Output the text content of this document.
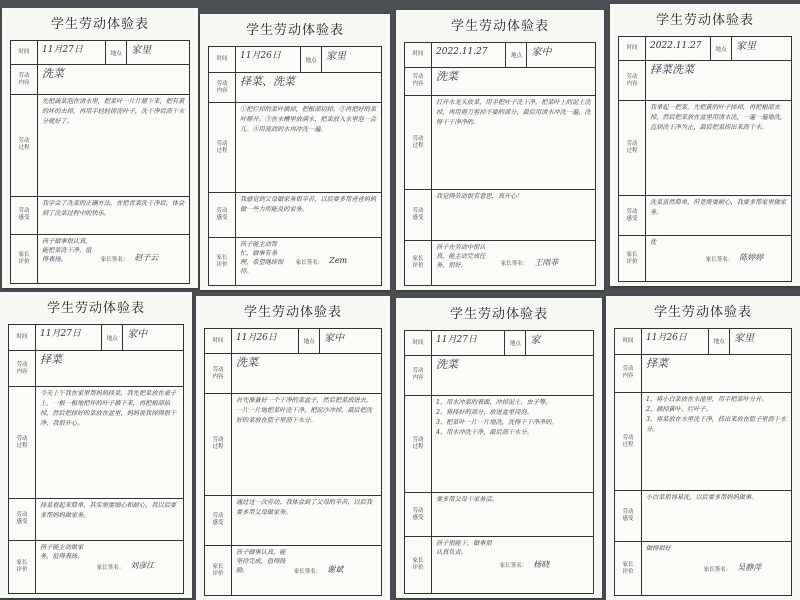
学生劳动体验表
时间	11月27日	地点 家里
劳动
内容
洗菜
劳动
过程
先把蔬菜泡在清水里，把菜叶一片片掰下来，把有黄的坏的去掉，再用手轻轻搓洗叶子，洗干净后沥干水分就好了。
劳动
感受
我学会了洗菜的正确方法，在把青菜洗干净后，体会到了洗菜过程中的快乐。
家长
评价
孩子做事很认真，能把菜洗干净，值得表扬。	家长签名： 赵子云
学生劳动体验表
时间	11月26日	地点 家里
劳动
内容
择菜、洗菜
劳动
过程
①把烂掉的菜叶摘掉，把根部切掉。②再把好的菜叶掰开。③在水槽里放满水，把菜放入水里泡一会儿。④用流动的水再冲洗一遍。
劳动
感受
我感觉到父母做家务很辛苦，以后要多帮爸爸妈妈做一些力所能及的家务。
家长
评价
孩子能主动帮忙，做事有条理，希望继续保持。
家长签名： Zem
学生劳动体验表
时间	2022.11.27	地点 家中
劳动
内容
洗菜
劳动
过程
打开水龙头放菜，用手把叶子洗干净，把菜叶上的泥土洗掉，再用剪刀剪掉不要的部分，最后用清水冲洗一遍，洗得干干净净的。
劳动
感受
我觉得劳动很有意思，真开心！
家长
评价
孩子在劳动中很认真，能主动完成任务，很好。	家长签名： 王雨菲
学生劳动体验表
时间	2022.11.27	地点 家里
劳动
内容
择菜洗菜
劳动
过程
我拿起一把菜，先把黄的叶子择掉，再把根部去掉，然后把菜放在盆里用清水洗，一遍一遍地洗，直到洗干净为止，最后把菜捞出来沥干水。
劳动
感受
洗菜虽然简单，但是需要耐心，我要多帮家里做家务。
家长
评价
优
家长签名： 陈婷婷
学生劳动体验表
时间	11月27日	地点 家中
劳动
内容
择菜
劳动
过程
今天上午我在家里帮妈妈择菜，我先把菜放在桌子上，一根一根地把坏的叶子摘下来，再把根部掐掉，然后把择好的菜放在盆里，妈妈说我择得很干净，我很开心。
劳动
感受
择菜看起来简单，其实需要细心和耐心，我以后要多帮妈妈做家务。
家长
评价
孩子能主动做家务，值得表扬。
家长签名： 刘彦江
学生劳动体验表
时间	11月26日	地点 家中
劳动
内容
洗菜
劳动
过程
首先准备好一个干净的菜盆子，然后把菜放进去，一片一片地把菜叶洗干净，把泥沙冲掉，最后把洗好的菜放在篮子里沥干水分。
劳动
感受
通过这一次劳动，我体会到了父母的辛苦，以后我要多帮父母做家务。
家长
评价
孩子做事认真，能坚持完成，值得鼓励。	家长签名： 谢斌
学生劳动体验表
时间	11月27日	地点 家
劳动
内容
洗菜
劳动
过程
1、用水冲菜的表面，冲掉泥土、虫子等。
2、将择好的部分，放进盆里浸泡。
3、把菜叶一片一片地洗，洗得干干净净的。
4、用水冲洗干净，最后沥干水分。
劳动
感受
要多帮父母干家务活。
家长
评价
孩子很能干，做事很认真负责。
家长签名： 杨晓
学生劳动体验表
时间	11月26日	地点 家里
劳动
内容
择菜
劳动
过程
1、将小白菜放在水池里，用手把菜叶分开。
2、摘掉黄叶、烂叶子。
3、将菜放在水里洗干净，捞出来放在篮子里沥干水分。
劳动
感受
小白菜很容易洗，以后要多帮妈妈做事。
家长
评价
做得很好
家长签名： 吴静萍
